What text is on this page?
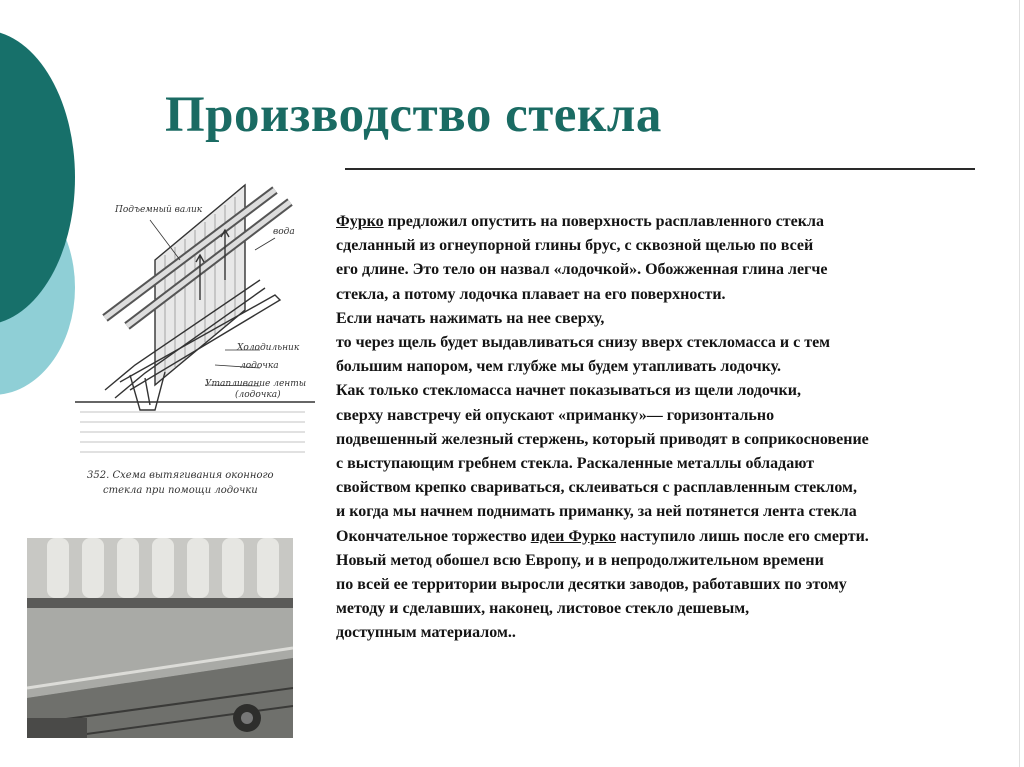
Производство стекла
Подъемный валик
вода
Холодильник
лодочка
Утапливание ленты
(лодочка)
352. Схема вытягивания оконного
стекла при помощи лодочки
Фурко предложил опустить на поверхность расплавленного стекла
сделанный из огнеупорной глины брус, с сквозной щелью по всей
его длине. Это тело он назвал «лодочкой». Обожженная глина легче
стекла, а потому лодочка плавает на его поверхности.
Если начать нажимать на нее сверху,
то через щель будет выдавливаться снизу вверх стекломасса и с тем
большим напором, чем глубже мы будем утапливать лодочку.
Как только стекломасса начнет показываться из щели лодочки,
сверху навстречу ей опускают «приманку»— горизонтально
подвешенный железный стержень, который приводят в соприкосновение
с выступающим гребнем стекла. Раскаленные металлы обладают
свойством крепко свариваться, склеиваться с расплавленным стеклом,
и когда мы начнем поднимать приманку, за ней потянется лента стекла
Окончательное торжество идеи Фурко наступило лишь после его смерти.
Новый метод обошел всю Европу, и в непродолжительном времени
по всей ее территории выросли десятки заводов, работавших по этому
методу и сделавших, наконец, листовое стекло дешевым,
доступным материалом..
